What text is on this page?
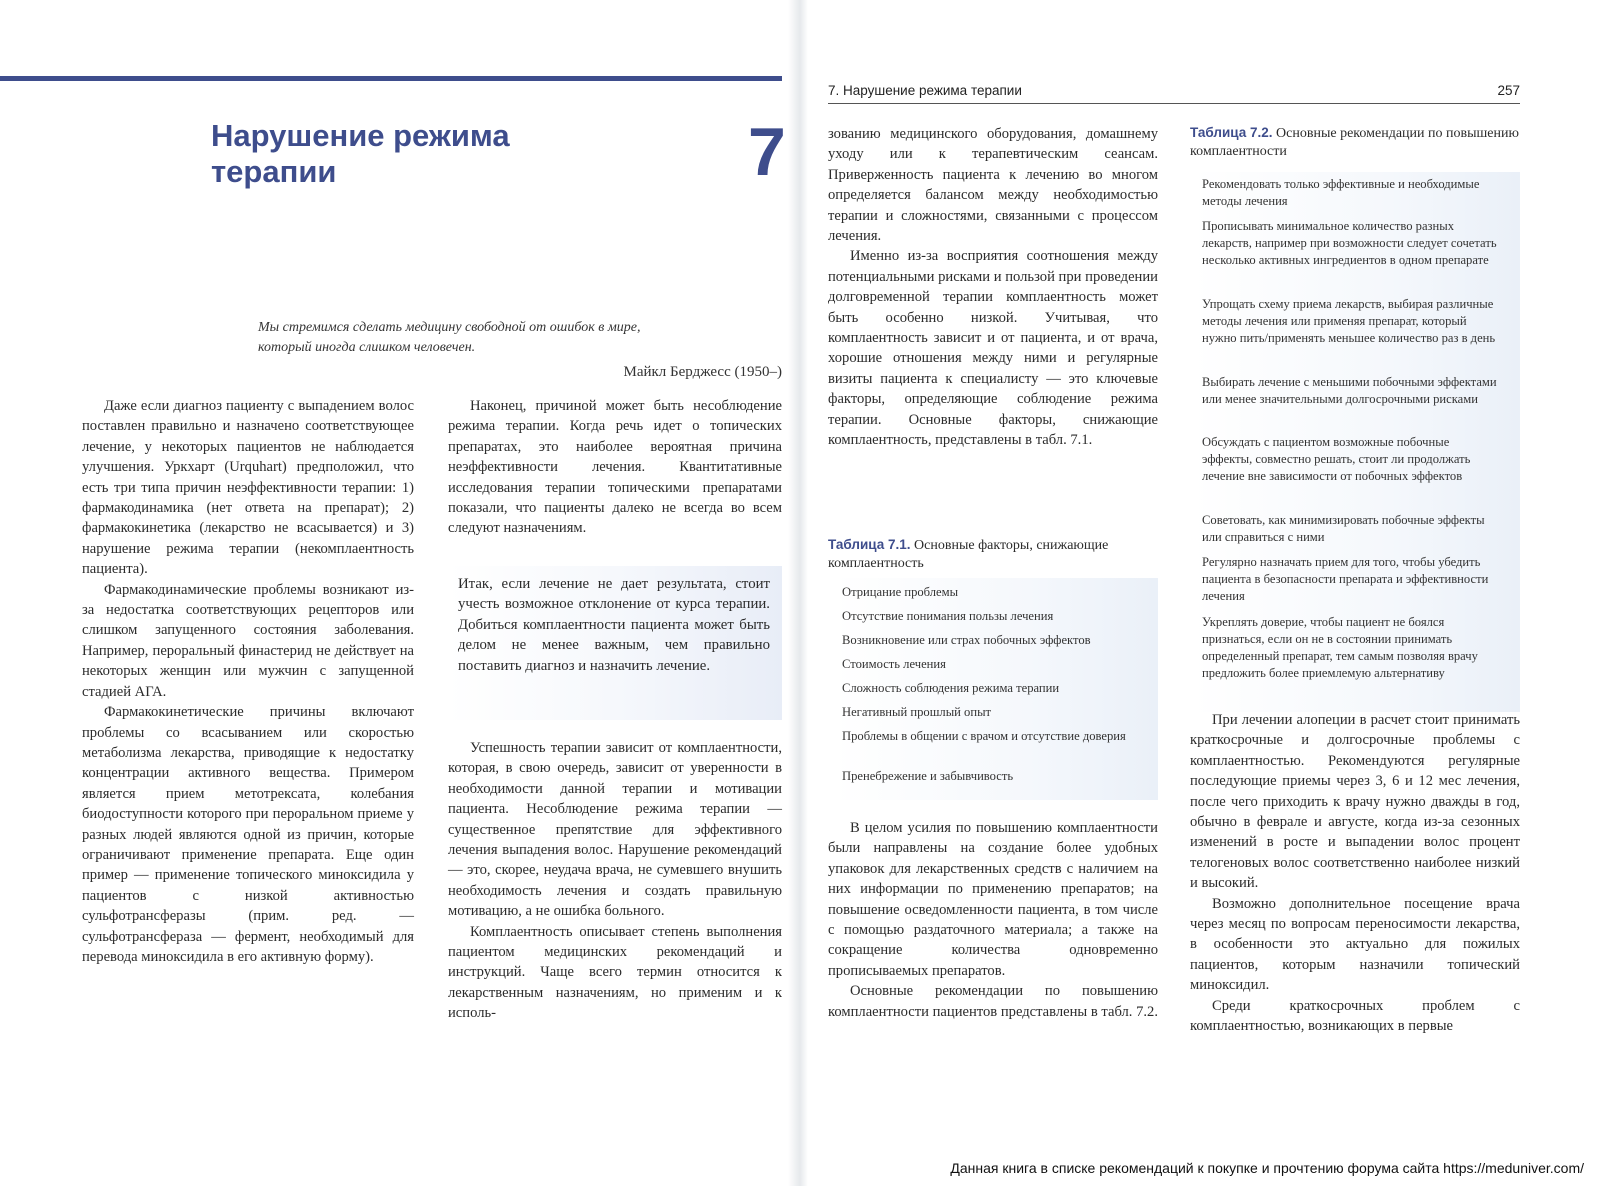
Нарушение режима
терапии	7
Мы стремимся сделать медицину свободной от ошибок в мире,
который иногда слишком человечен.
Майкл Берджесс (1950–)

Даже если диагноз пациенту с выпадением волос поставлен правильно и назначено соответствующее лечение, у некоторых пациентов не наблюдается улучшения. Уркхарт (Urquhart) предположил, что есть три типа причин неэффективности терапии: 1) фармакодинамика (нет ответа на препарат); 2) фармакокинетика (лекарство не всасывается) и 3) нарушение режима терапии (некомплаентность пациента).

Фармакодинамические проблемы возникают из-за недостатка соответствующих рецепторов или слишком запущенного состояния заболевания. Например, пероральный финастерид не действует на некоторых женщин или мужчин с запущенной стадией АГА.

Фармакокинетические причины включают проблемы со всасыванием или скоростью метаболизма лекарства, приводящие к недостатку концентрации активного вещества. Примером является прием метотрексата, колебания биодоступности которого при пероральном приеме у разных людей являются одной из причин, которые ограничивают применение препарата. Еще один пример — применение топического миноксидила у пациентов с низкой активностью сульфотрансферазы (прим. ред. — сульфотрансфераза — фермент, необходимый для перевода миноксидила в его активную форму).

Наконец, причиной может быть несоблюдение режима терапии. Когда речь идет о топических препаратах, это наиболее вероятная причина неэффективности лечения. Квантитативные исследования терапии топическими препаратами показали, что пациенты далеко не всегда во всем следуют назначениям.

Итак, если лечение не дает результата, стоит учесть возможное отклонение от курса терапии. Добиться комплаентности пациента может быть делом не менее важным, чем правильно поставить диагноз и назначить лечение.

Успешность терапии зависит от комплаентности, которая, в свою очередь, зависит от уверенности в необходимости данной терапии и мотивации пациента. Несоблюдение режима терапии — существенное препятствие для эффективного лечения выпадения волос. Нарушение рекомендаций — это, скорее, неудача врача, не сумевшего внушить необходимость лечения и создать правильную мотивацию, а не ошибка больного.

Комплаентность описывает степень выполнения пациентом медицинских рекомендаций и инструкций. Чаще всего термин относится к лекарственным назначениям, но применим и к исполь-

7. Нарушение режима терапии	257

зованию медицинского оборудования, домашнему уходу или к терапевтическим сеансам. Приверженность пациента к лечению во многом определяется балансом между необходимостью терапии и сложностями, связанными с процессом лечения.

Именно из-за восприятия соотношения между потенциальными рисками и пользой при проведении долговременной терапии комплаентность может быть особенно низкой. Учитывая, что комплаентность зависит и от пациента, и от врача, хорошие отношения между ними и регулярные визиты пациента к специалисту — это ключевые факторы, определяющие соблюдение режима терапии. Основные факторы, снижающие комплаентность, представлены в табл. 7.1.

Таблица 7.1. Основные факторы, снижающие комплаентность
Отрицание проблемы
Отсутствие понимания пользы лечения
Возникновение или страх побочных эффектов
Стоимость лечения
Сложность соблюдения режима терапии
Негативный прошлый опыт
Проблемы в общении с врачом и отсутствие доверия
Пренебрежение и забывчивость

В целом усилия по повышению комплаентности были направлены на создание более удобных упаковок для лекарственных средств с наличием на них информации по применению препаратов; на повышение осведомленности пациента, в том числе с помощью раздаточного материала; а также на сокращение количества одновременно прописываемых препаратов.

Основные рекомендации по повышению комплаентности пациентов представлены в табл. 7.2.

Таблица 7.2. Основные рекомендации по повышению комплаентности
Рекомендовать только эффективные и необходимые методы лечения
Прописывать минимальное количество разных лекарств, например при возможности следует сочетать несколько активных ингредиентов в одном препарате
Упрощать схему приема лекарств, выбирая различные методы лечения или применяя препарат, который нужно пить/применять меньшее количество раз в день
Выбирать лечение с меньшими побочными эффектами или менее значительными долгосрочными рисками
Обсуждать с пациентом возможные побочные эффекты, совместно решать, стоит ли продолжать лечение вне зависимости от побочных эффектов
Советовать, как минимизировать побочные эффекты или справиться с ними
Регулярно назначать прием для того, чтобы убедить пациента в безопасности препарата и эффективности лечения
Укреплять доверие, чтобы пациент не боялся признаться, если он не в состоянии принимать определенный препарат, тем самым позволяя врачу предложить более приемлемую альтернативу

При лечении алопеции в расчет стоит принимать краткосрочные и долгосрочные проблемы с комплаентностью. Рекомендуются регулярные последующие приемы через 3, 6 и 12 мес лечения, после чего приходить к врачу нужно дважды в год, обычно в феврале и августе, когда из-за сезонных изменений в росте и выпадении волос процент телогеновых волос соответственно наиболее низкий и высокий.

Возможно дополнительное посещение врача через месяц по вопросам переносимости лекарства, в особенности это актуально для пожилых пациентов, которым назначили топический миноксидил.

Среди краткосрочных проблем с комплаентностью, возникающих в первые

Данная книга в списке рекомендаций к покупке и прочтению форума сайта https://meduniver.com/
